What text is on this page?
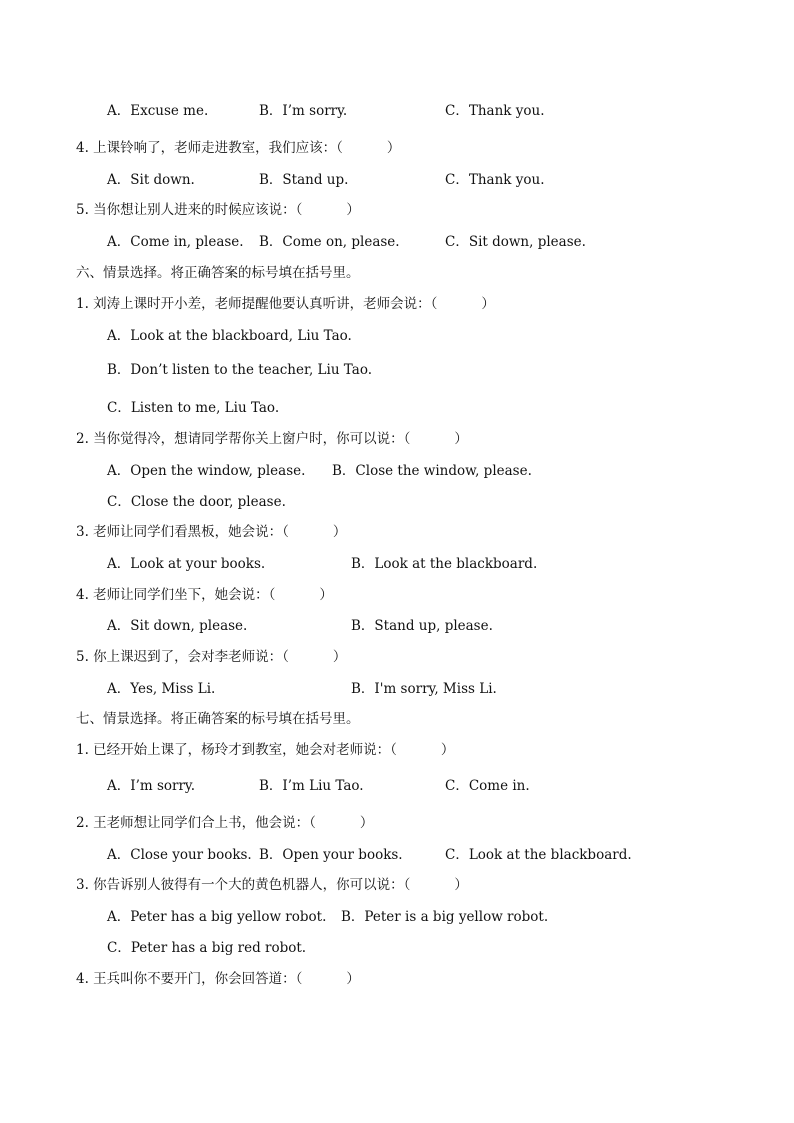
A．Excuse me.	B．I’m sorry.	C．Thank you.
4. 上课铃响了，老师走进教室，我们应该：（	）
A．Sit down.	B．Stand up.	C．Thank you.
5. 当你想让别人进来的时候应该说：（	）
A．Come in, please. B．Come on, please.	C．Sit down, please.
六、情景选择。将正确答案的标号填在括号里。
1. 刘涛上课时开小差，老师提醒他要认真听讲，老师会说：（	）
A．Look at the blackboard, Liu Tao.
B．Don’t listen to the teacher, Liu Tao.
C．Listen to me, Liu Tao.
2. 当你觉得冷，想请同学帮你关上窗户时，你可以说：（	）
A．Open the window, please. B．Close the window, please.
C．Close the door, please.
3. 老师让同学们看黑板，她会说：（	）
A．Look at your books.	B．Look at the blackboard.
4. 老师让同学们坐下，她会说：（	）
A．Sit down, please.	B．Stand up, please.
5. 你上课迟到了，会对李老师说：（	）
A．Yes, Miss Li.	B．I'm sorry, Miss Li.
七、情景选择。将正确答案的标号填在括号里。
1. 已经开始上课了，杨玲才到教室，她会对老师说：（	）
A．I’m sorry.	B．I’m Liu Tao.	C．Come in.
2. 王老师想让同学们合上书，他会说：（	）
A．Close your books. B．Open your books.	C．Look at the blackboard.
3. 你告诉别人彼得有一个大的黄色机器人，你可以说：（	）
A．Peter has a big yellow robot. B．Peter is a big yellow robot.
C．Peter has a big red robot.
4. 王兵叫你不要开门，你会回答道：（	）
